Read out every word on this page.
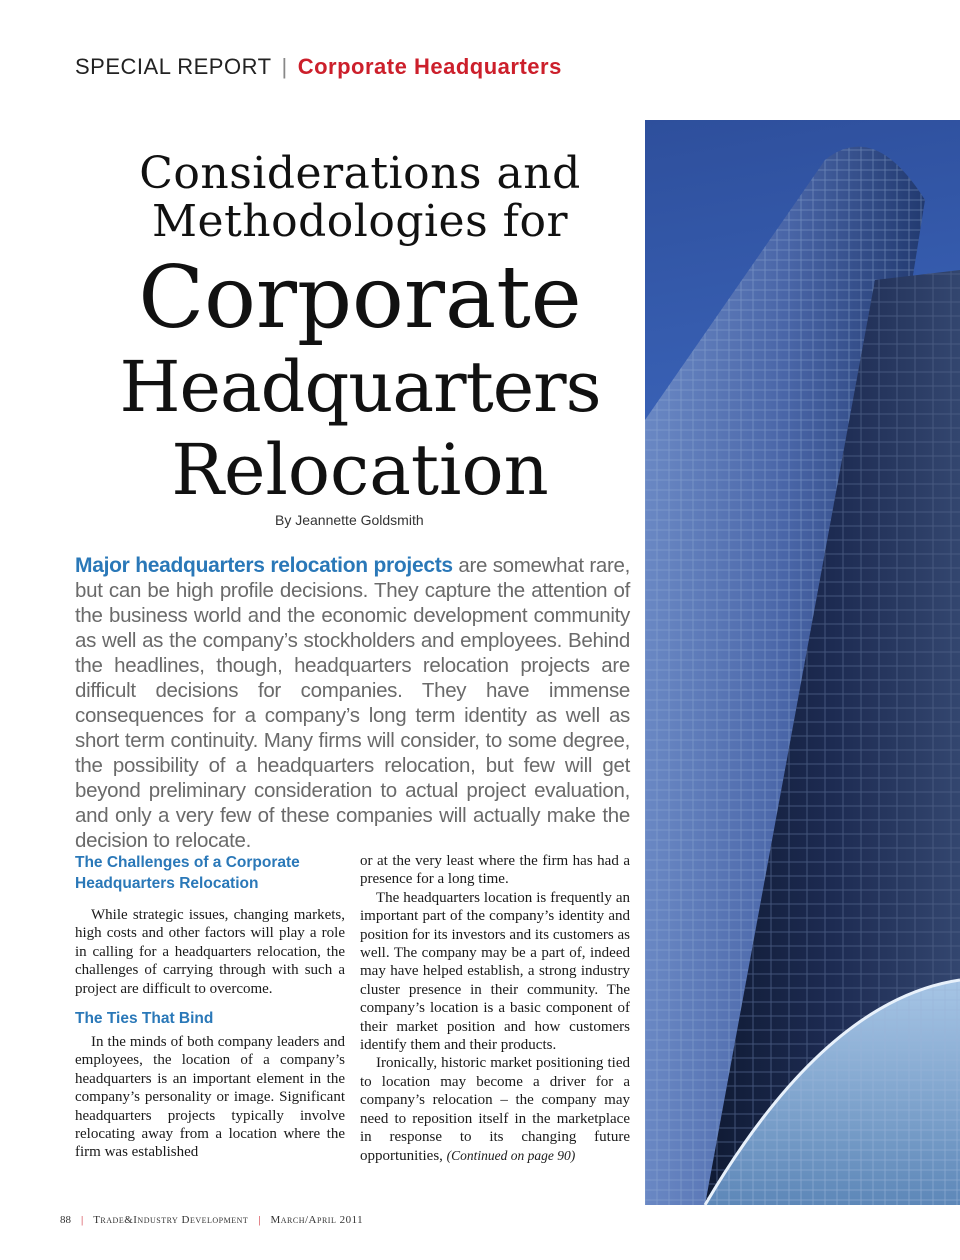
SPECIAL REPORT | Corporate Headquarters
Considerations and
Methodologies for
Corporate
Headquarters
Relocation
By Jeannette Goldsmith
Major headquarters relocation projects are somewhat rare, but can be high profile decisions. They capture the attention of the business world and the economic development community as well as the company’s stockholders and employees. Behind the headlines, though, headquarters relocation projects are difficult decisions for companies. They have immense consequences for a company’s long term identity as well as short term continuity. Many firms will consider, to some degree, the possibility of a headquarters relocation, but few will get beyond preliminary consideration to actual project evaluation, and only a very few of these companies will actually make the decision to relocate.
The Challenges of a Corporate Headquarters Relocation

While strategic issues, changing markets, high costs and other factors will play a role in calling for a headquarters relocation, the challenges of carrying through with such a project are difficult to overcome.

The Ties That Bind

In the minds of both company leaders and employees, the location of a company’s headquarters is an important element in the company’s personality or image. Significant headquarters projects typically involve relocating away from a location where the firm was established

or at the very least where the firm has had a presence for a long time.

The headquarters location is frequently an important part of the company’s identity and position for its investors and its customers as well. The company may be a part of, indeed may have helped establish, a strong industry cluster presence in their community. The company’s location is a basic component of their market position and how customers identify them and their products.

Ironically, historic market positioning tied to location may become a driver for a company’s relocation – the company may need to reposition itself in the marketplace in response to its changing future opportunities, (Continued on page 90)

88 | Trade&Industry Development | March/April 2011
